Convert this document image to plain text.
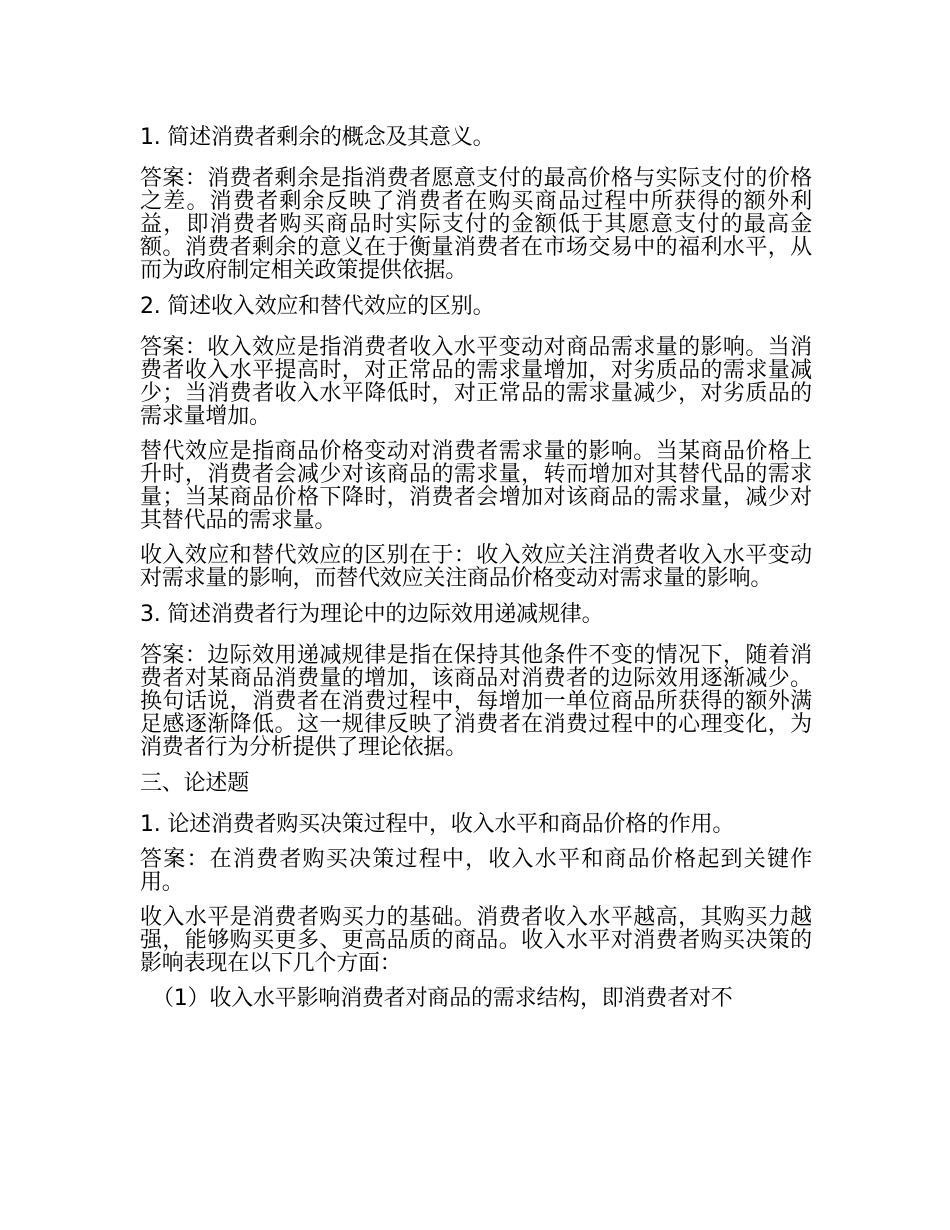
1. 简述消费者剩余的概念及其意义。

答案：消费者剩余是指消费者愿意支付的最高价格与实际支付的价格之差。消费者剩余反映了消费者在购买商品过程中所获得的额外利益，即消费者购买商品时实际支付的金额低于其愿意支付的最高金额。消费者剩余的意义在于衡量消费者在市场交易中的福利水平，从而为政府制定相关政策提供依据。

2. 简述收入效应和替代效应的区别。

答案：收入效应是指消费者收入水平变动对商品需求量的影响。当消费者收入水平提高时，对正常品的需求量增加，对劣质品的需求量减少；当消费者收入水平降低时，对正常品的需求量减少，对劣质品的需求量增加。

替代效应是指商品价格变动对消费者需求量的影响。当某商品价格上升时，消费者会减少对该商品的需求量，转而增加对其替代品的需求量；当某商品价格下降时，消费者会增加对该商品的需求量，减少对其替代品的需求量。

收入效应和替代效应的区别在于：收入效应关注消费者收入水平变动对需求量的影响，而替代效应关注商品价格变动对需求量的影响。

3. 简述消费者行为理论中的边际效用递减规律。

答案：边际效用递减规律是指在保持其他条件不变的情况下，随着消费者对某商品消费量的增加，该商品对消费者的边际效用逐渐减少。换句话说，消费者在消费过程中，每增加一单位商品所获得的额外满足感逐渐降低。这一规律反映了消费者在消费过程中的心理变化，为消费者行为分析提供了理论依据。

三、论述题

1. 论述消费者购买决策过程中，收入水平和商品价格的作用。

答案：在消费者购买决策过程中，收入水平和商品价格起到关键作用。

收入水平是消费者购买力的基础。消费者收入水平越高，其购买力越强，能够购买更多、更高品质的商品。收入水平对消费者购买决策的影响表现在以下几个方面：

（1）收入水平影响消费者对商品的需求结构，即消费者对不
